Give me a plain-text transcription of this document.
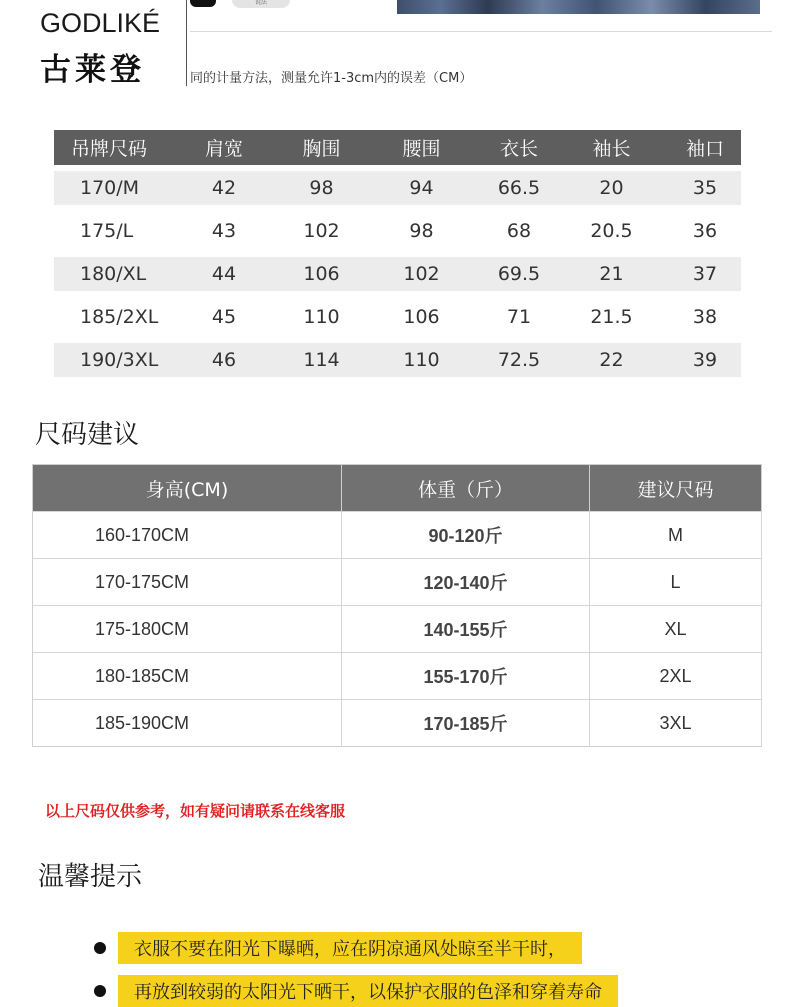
GODLIKÉ
古莱登
说法
同的计量方法，测量允许1-3cm内的误差（CM）
吊牌尺码	肩宽	胸围	腰围	衣长	袖长	袖口
170/M	42	98	94	66.5	20	35
175/L	43	102	98	68	20.5	36
180/XL	44	106	102	69.5	21	37
185/2XL	45	110	106	71	21.5	38
190/3XL	46	114	110	72.5	22	39
尺码建议
身高(CM)	体重（斤）	建议尺码
160-170CM	90-120斤	M
170-175CM	120-140斤	L
175-180CM	140-155斤	XL
180-185CM	155-170斤	2XL
185-190CM	170-185斤	3XL
以上尺码仅供参考，如有疑问请联系在线客服
温馨提示
衣服不要在阳光下曝晒，应在阴凉通风处晾至半干时，
再放到较弱的太阳光下晒干，以保护衣服的色泽和穿着寿命
